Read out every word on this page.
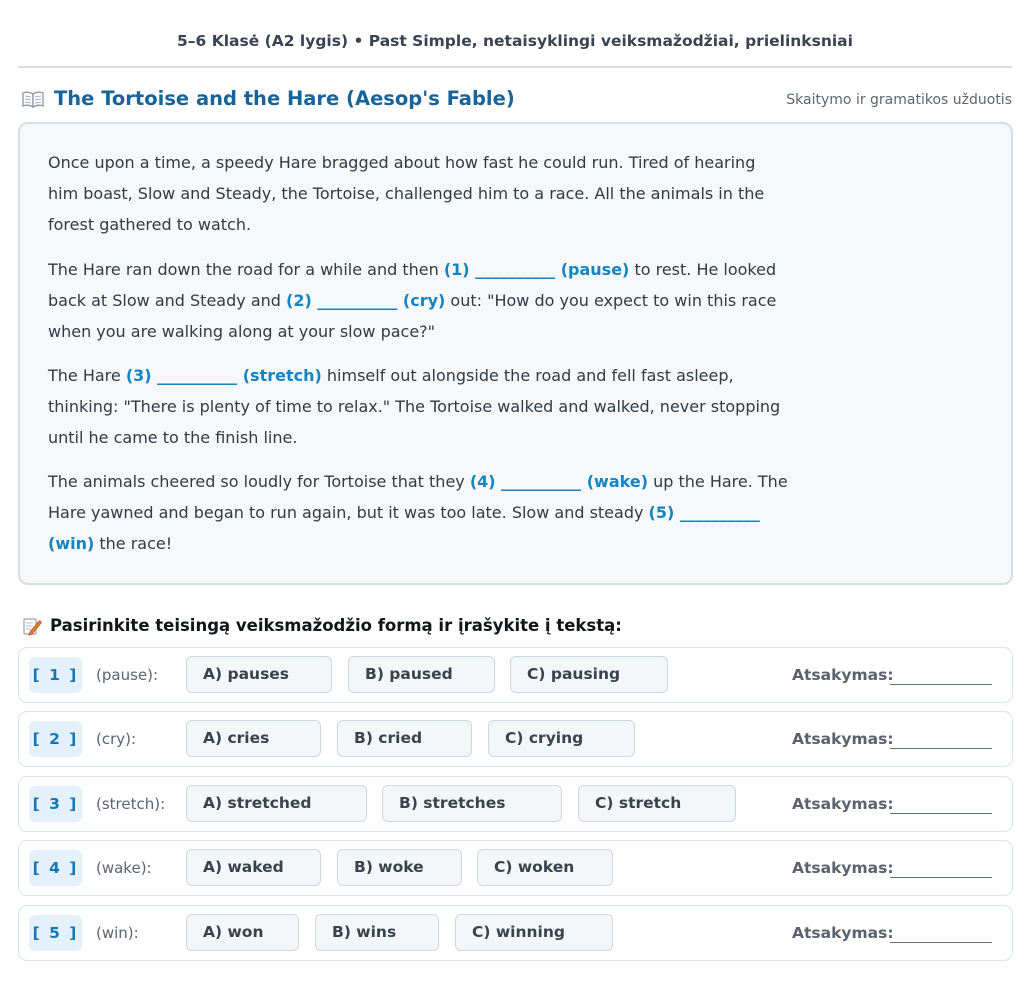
5–6 Klasė (A2 lygis) • Past Simple, netaisyklingi veiksmažodžiai, prielinksniai
The Tortoise and the Hare (Aesop's Fable)	Skaitymo ir gramatikos užduotis
Once upon a time, a speedy Hare bragged about how fast he could run. Tired of hearing him boast, Slow and Steady, the Tortoise, challenged him to a race. All the animals in the forest gathered to watch.
The Hare ran down the road for a while and then (1) __________ (pause) to rest. He looked back at Slow and Steady and (2) __________ (cry) out: "How do you expect to win this race when you are walking along at your slow pace?"
The Hare (3) __________ (stretch) himself out alongside the road and fell fast asleep, thinking: "There is plenty of time to relax." The Tortoise walked and walked, never stopping until he came to the finish line.
The animals cheered so loudly for Tortoise that they (4) __________ (wake) up the Hare. The Hare yawned and began to run again, but it was too late. Slow and steady (5) __________ (win) the race!
Pasirinkite teisingą veiksmažodžio formą ir įrašykite į tekstą:
[ 1 ] (pause):	A) pauses	B) paused	C) pausing	Atsakymas:
[ 2 ] (cry):	A) cries	B) cried	C) crying	Atsakymas:
[ 3 ] (stretch):	A) stretched	B) stretches	C) stretch	Atsakymas:
[ 4 ] (wake):	A) waked	B) woke	C) woken	Atsakymas:
[ 5 ] (win):	A) won	B) wins	C) winning	Atsakymas:
